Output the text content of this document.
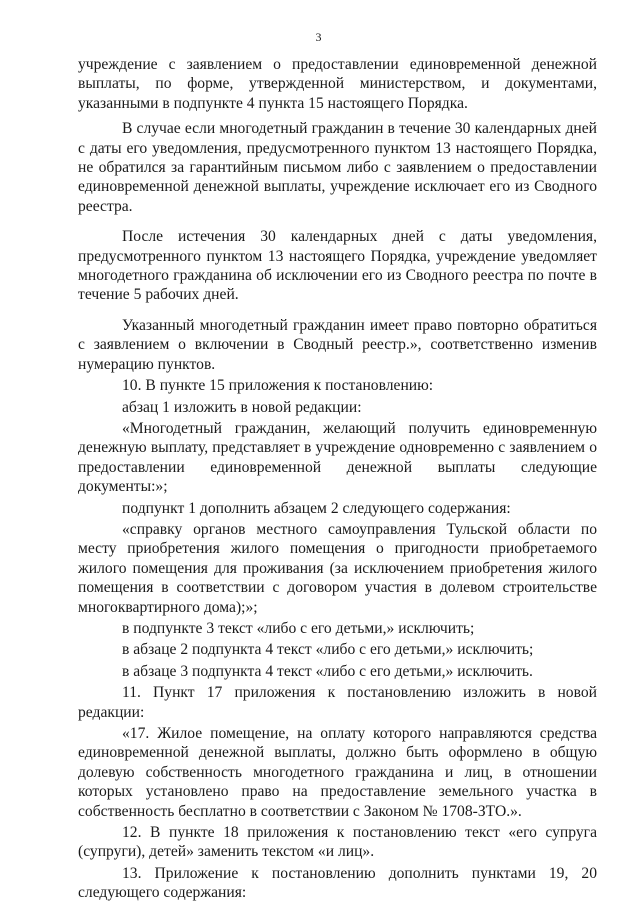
3

учреждение с заявлением о предоставлении единовременной денежной выплаты, по форме, утвержденной министерством, и документами, указанными в подпункте 4 пункта 15 настоящего Порядка.

В случае если многодетный гражданин в течение 30 календарных дней с даты его уведомления, предусмотренного пунктом 13 настоящего Порядка, не обратился за гарантийным письмом либо с заявлением о предоставлении единовременной денежной выплаты, учреждение исключает его из Сводного реестра.

После истечения 30 календарных дней с даты уведомления, предусмотренного пунктом 13 настоящего Порядка, учреждение уведомляет многодетного гражданина об исключении его из Сводного реестра по почте в течение 5 рабочих дней.

Указанный многодетный гражданин имеет право повторно обратиться с заявлением о включении в Сводный реестр.», соответственно изменив нумерацию пунктов.

10. В пункте 15 приложения к постановлению:

абзац 1 изложить в новой редакции:

«Многодетный гражданин, желающий получить единовременную денежную выплату, представляет в учреждение одновременно с заявлением о предоставлении единовременной денежной выплаты следующие документы:»;

подпункт 1 дополнить абзацем 2 следующего содержания:

«справку органов местного самоуправления Тульской области по месту приобретения жилого помещения о пригодности приобретаемого жилого помещения для проживания (за исключением приобретения жилого помещения в соответствии с договором участия в долевом строительстве многоквартирного дома);»;

в подпункте 3 текст «либо с его детьми,» исключить;

в абзаце 2 подпункта 4 текст «либо с его детьми,» исключить;

в абзаце 3 подпункта 4 текст «либо с его детьми,» исключить.

11. Пункт 17 приложения к постановлению изложить в новой редакции:

«17. Жилое помещение, на оплату которого направляются средства единовременной денежной выплаты, должно быть оформлено в общую долевую собственность многодетного гражданина и лиц, в отношении которых установлено право на предоставление земельного участка в собственность бесплатно в соответствии с Законом № 1708-ЗТО.».

12. В пункте 18 приложения к постановлению текст «его супруга (супруги), детей» заменить текстом «и лиц».

13. Приложение к постановлению дополнить пунктами 19, 20 следующего содержания:
